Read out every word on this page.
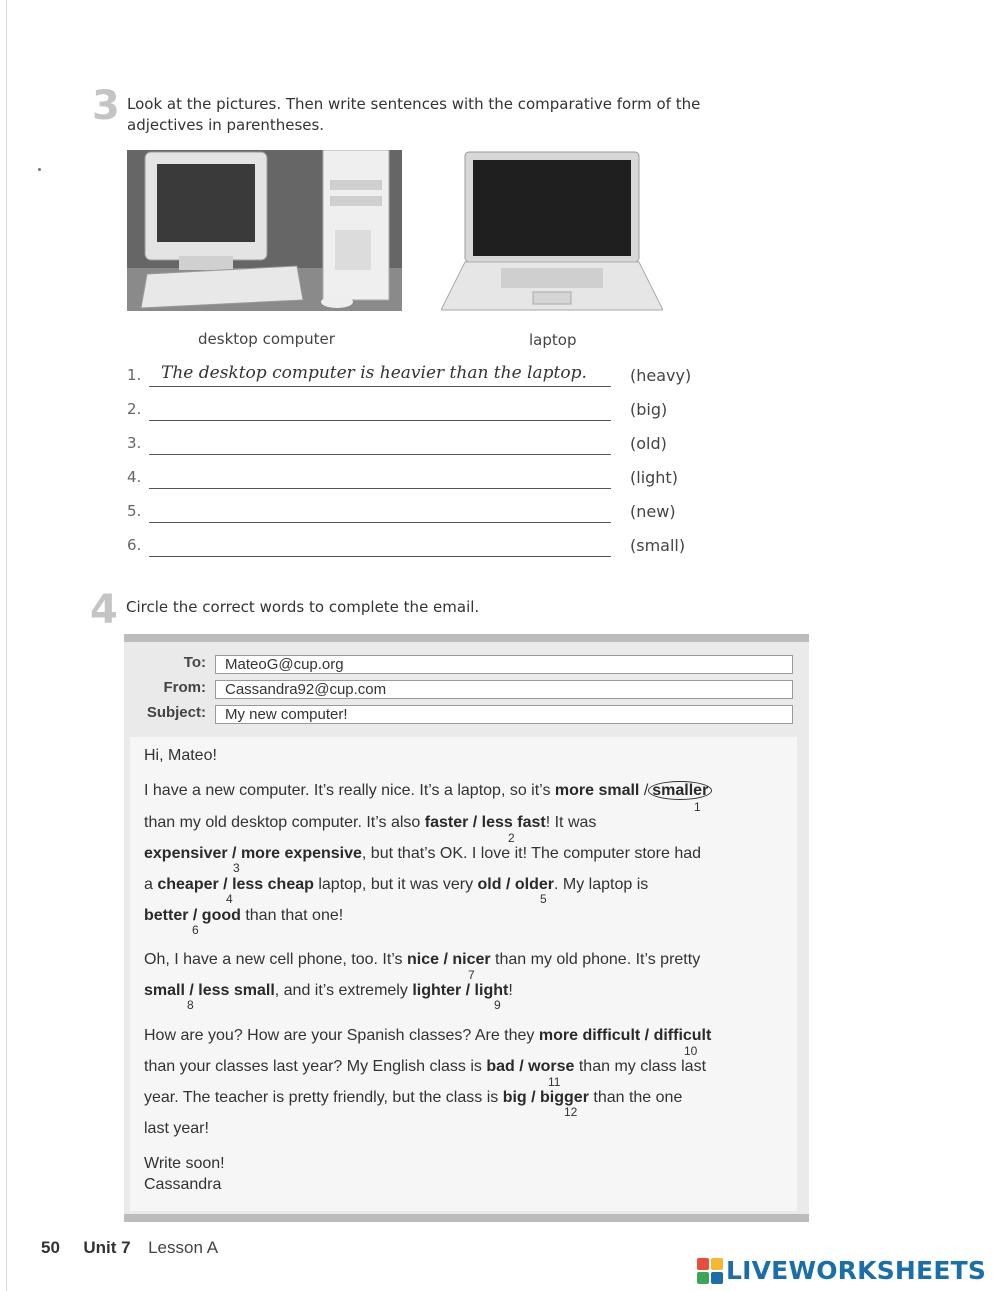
3 Look at the pictures. Then write sentences with the comparative form of the
adjectives in parentheses.
desktop computer	laptop
1. The desktop computer is heavier than the laptop.	(heavy)
2.	(big)
3.	(old)
4.	(light)
5.	(new)
6.	(small)
4 Circle the correct words to complete the email.
To:	MateoG@cup.org
From:	Cassandra92@cup.com
Subject:	My new computer!
Hi, Mateo!
I have a new computer. It’s really nice. It’s a laptop, so it’s more small / smaller
1
than my old desktop computer. It’s also faster / less fast! It was
2
expensiver / more expensive, but that’s OK. I love it! The computer store had
3
a cheaper / less cheap laptop, but it was very old / older. My laptop is
4	5
better / good than that one!
6
Oh, I have a new cell phone, too. It’s nice / nicer than my old phone. It’s pretty
7
small / less small, and it’s extremely lighter / light!
8	9
How are you? How are your Spanish classes? Are they more difficult / difficult
10
than your classes last year? My English class is bad / worse than my class last
11
year. The teacher is pretty friendly, but the class is big / bigger than the one
12
last year!
Write soon!
Cassandra
50 Unit 7 Lesson A
LIVEWORKSHEETS
